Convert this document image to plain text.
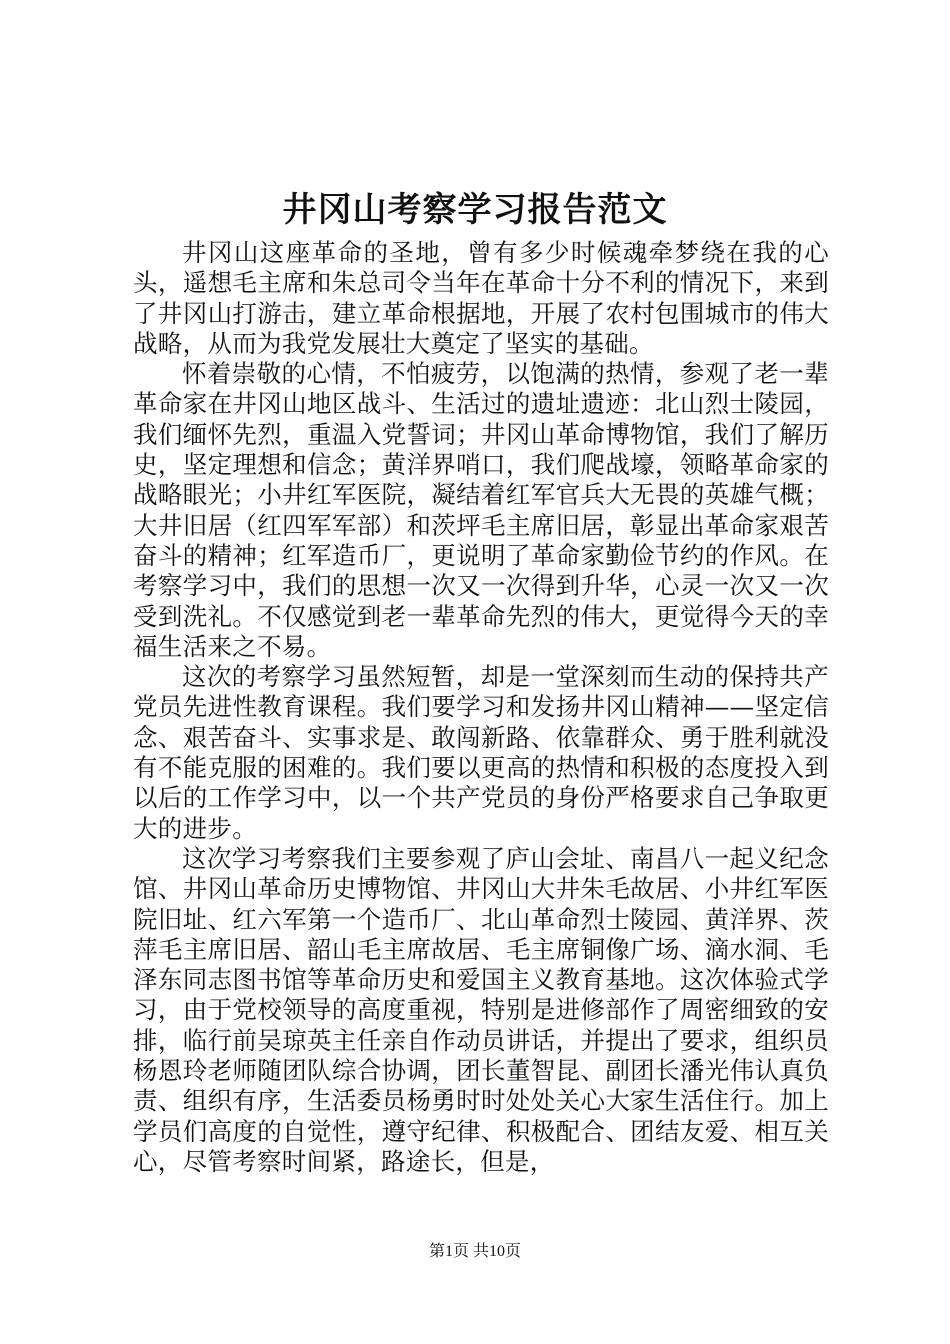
井冈山考察学习报告范文

井冈山这座革命的圣地，曾有多少时候魂牵梦绕在我的心头，遥想毛主席和朱总司令当年在革命十分不利的情况下，来到了井冈山打游击，建立革命根据地，开展了农村包围城市的伟大战略，从而为我党发展壮大奠定了坚实的基础。

怀着崇敬的心情，不怕疲劳，以饱满的热情，参观了老一辈革命家在井冈山地区战斗、生活过的遗址遗迹：北山烈士陵园，我们缅怀先烈，重温入党誓词；井冈山革命博物馆，我们了解历史，坚定理想和信念；黄洋界哨口，我们爬战壕，领略革命家的战略眼光；小井红军医院，凝结着红军官兵大无畏的英雄气概；大井旧居（红四军军部）和茨坪毛主席旧居，彰显出革命家艰苦奋斗的精神；红军造币厂，更说明了革命家勤俭节约的作风。在考察学习中，我们的思想一次又一次得到升华，心灵一次又一次受到洗礼。不仅感觉到老一辈革命先烈的伟大，更觉得今天的幸福生活来之不易。

这次的考察学习虽然短暂，却是一堂深刻而生动的保持共产党员先进性教育课程。我们要学习和发扬井冈山精神——坚定信念、艰苦奋斗、实事求是、敢闯新路、依靠群众、勇于胜利就没有不能克服的困难的。我们要以更高的热情和积极的态度投入到以后的工作学习中，以一个共产党员的身份严格要求自己争取更大的进步。

这次学习考察我们主要参观了庐山会址、南昌八一起义纪念馆、井冈山革命历史博物馆、井冈山大井朱毛故居、小井红军医院旧址、红六军第一个造币厂、北山革命烈士陵园、黄洋界、茨萍毛主席旧居、韶山毛主席故居、毛主席铜像广场、滴水洞、毛泽东同志图书馆等革命历史和爱国主义教育基地。这次体验式学习，由于党校领导的高度重视，特别是进修部作了周密细致的安排，临行前吴琼英主任亲自作动员讲话，并提出了要求，组织员杨恩玲老师随团队综合协调，团长董智昆、副团长潘光伟认真负责、组织有序，生活委员杨勇时时处处关心大家生活住行。加上学员们高度的自觉性，遵守纪律、积极配合、团结友爱、相互关心，尽管考察时间紧，路途长，但是，

第1页 共10页
